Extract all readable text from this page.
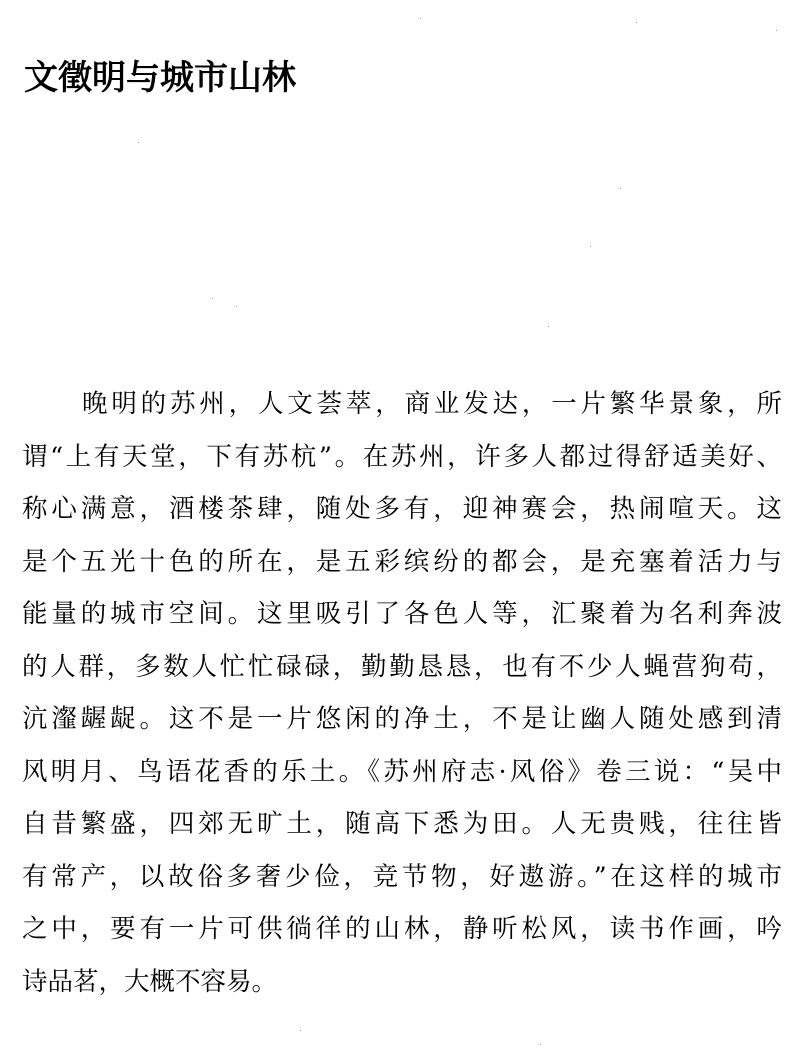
文徵明与城市山林
晚明的苏州，人文荟萃，商业发达，一片繁华景象，所
谓“上有天堂，下有苏杭”。在苏州，许多人都过得舒适美好、
称心满意，酒楼茶肆，随处多有，迎神赛会，热闹喧天。这
是个五光十色的所在，是五彩缤纷的都会，是充塞着活力与
能量的城市空间。这里吸引了各色人等，汇聚着为名利奔波
的人群，多数人忙忙碌碌，勤勤恳恳，也有不少人蝇营狗苟，
沆瀣龌龊。这不是一片悠闲的净土，不是让幽人随处感到清
风明月、鸟语花香的乐土。《苏州府志·风俗》卷三说：“吴中
自昔繁盛，四郊无旷土，随高下悉为田。人无贵贱，往往皆
有常产，以故俗多奢少俭，竞节物，好遨游。”在这样的城市
之中，要有一片可供徜徉的山林，静听松风，读书作画，吟
诗品茗，大概不容易。
